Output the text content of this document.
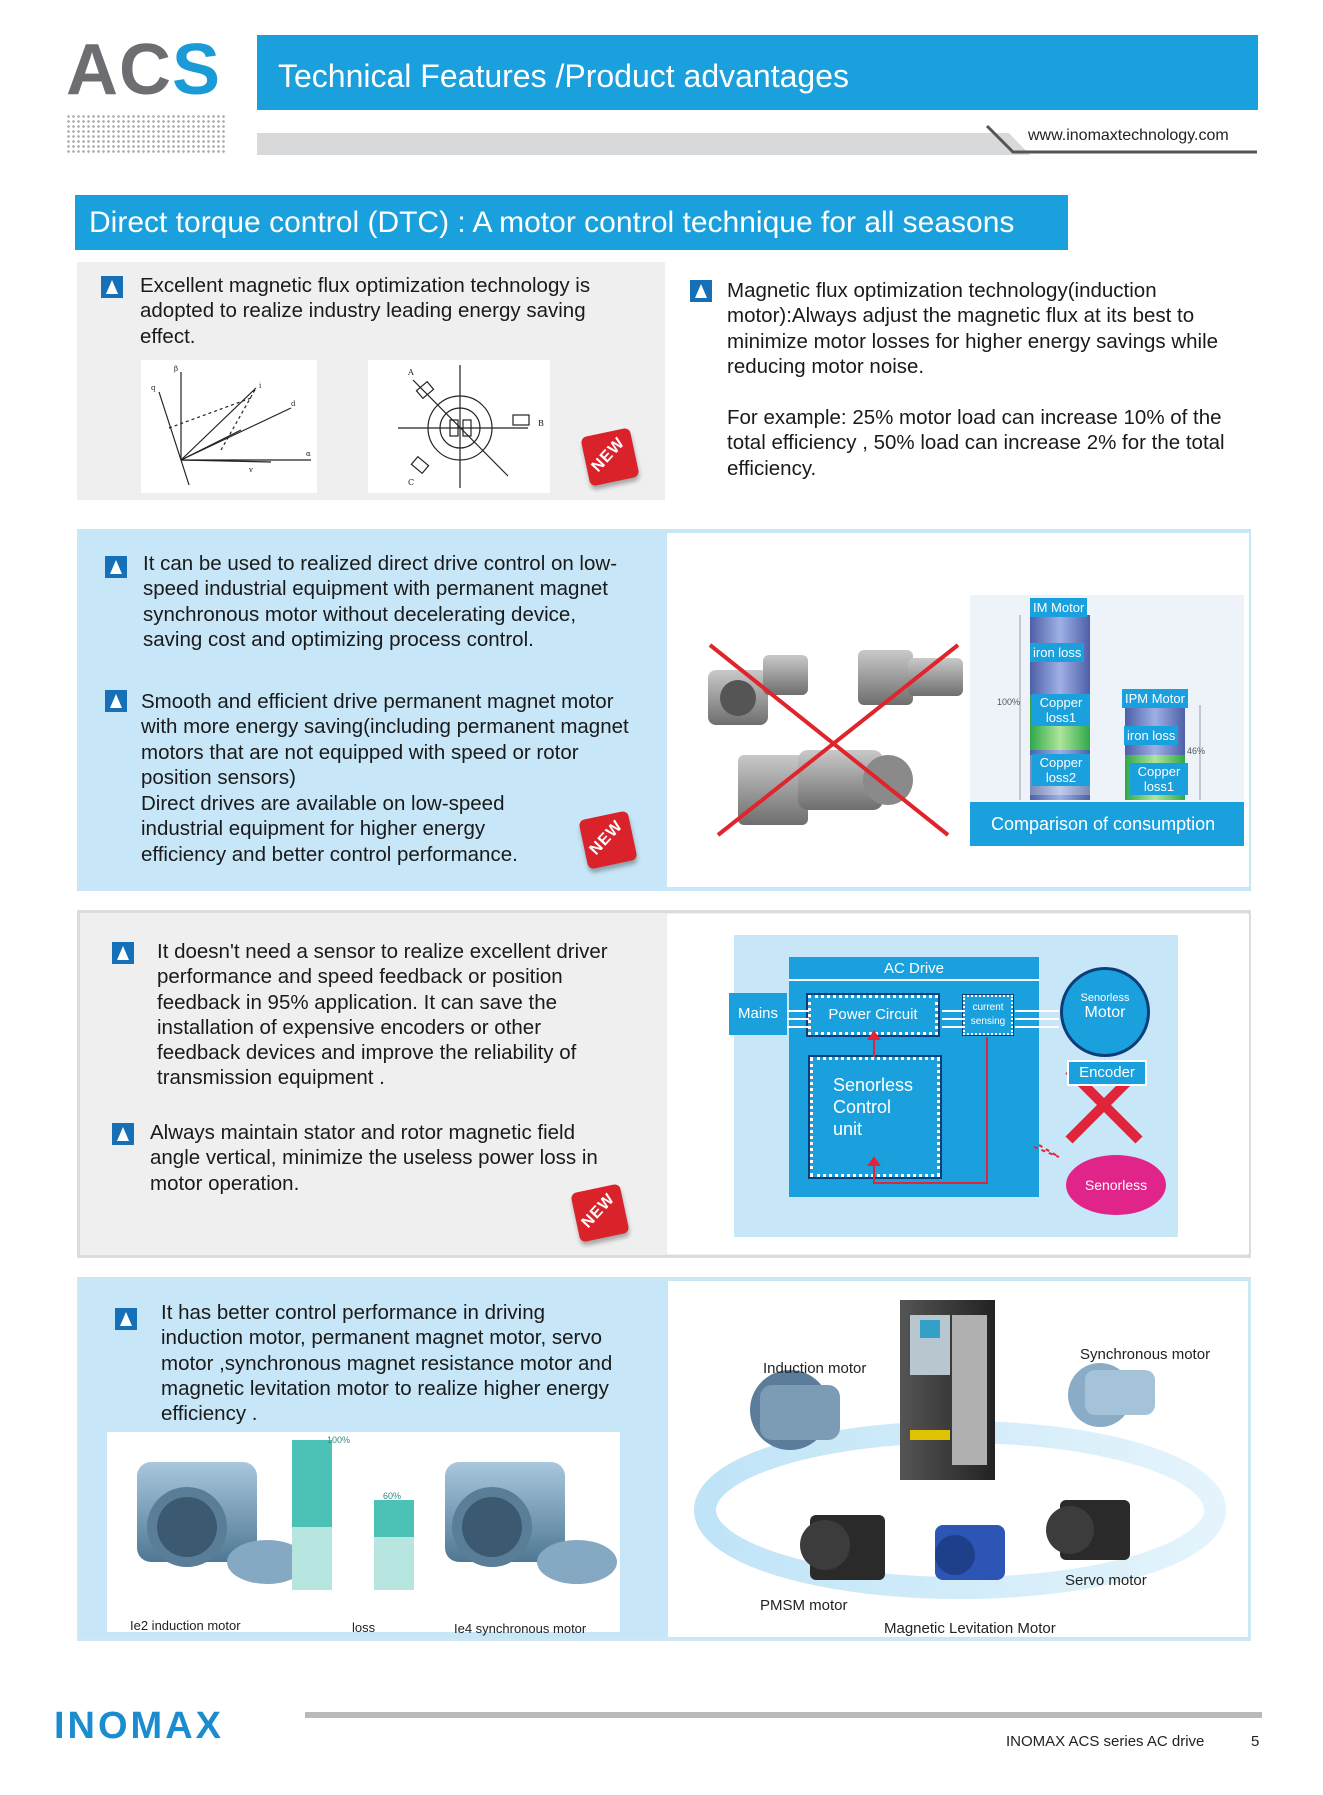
ACS Technical Features /Product advantages
www.inomaxtechnology.com
Direct torque control (DTC) : A motor control technique for all seasons
Excellent magnetic flux optimization technology is adopted to realize industry leading energy saving effect.
β
α
d
q	i
v
A
B
C
NEW
Magnetic flux optimization technology(induction motor):Always adjust the magnetic flux at its best to minimize motor losses for higher energy savings while reducing motor noise.
For example: 25% motor load can increase 10% of the total efficiency , 50% load can increase 2% for the total efficiency.
It can be used to realized direct drive control on low-speed industrial equipment with permanent magnet synchronous motor without decelerating device, saving cost and optimizing process control.
Smooth and efficient drive permanent magnet motor with more energy saving(including permanent magnet motors that are not equipped with speed or rotor position sensors)
Direct drives are available on low-speed industrial equipment for higher energy efficiency and better control performance.	NEW
IM Motor
iron loss
Copper loss1
Copper loss2
IPM Motor
iron loss
Copper loss1
100%
46%
Comparison of consumption
It doesn't need a sensor to realize excellent driver performance and speed feedback or position feedback in 95% application. It can save the installation of expensive encoders or other feedback devices and improve the reliability of transmission equipment .
Always maintain stator and rotor magnetic field angle vertical, minimize the useless power loss in motor operation.
NEW
AC Drive
Mains	Power Circuit	current
sensing
Senorless
Control
unit
Senorless
Motor
Encoder
Senorless
It has better control performance in driving induction motor, permanent magnet motor, servo motor ,synchronous magnet resistance motor and magnetic levitation motor to realize higher energy efficiency .
100%
60%
Ie2 induction motor	loss	Ie4 synchronous motor
Induction motor
Synchronous motor
Servo motor
PMSM motor
Magnetic Levitation Motor
INOMAX	INOMAX ACS series AC drive	5
